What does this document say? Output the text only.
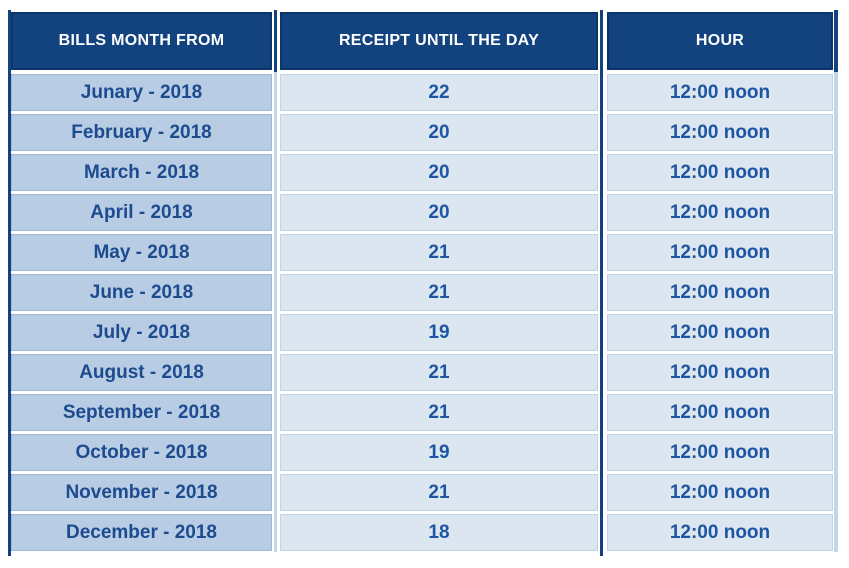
BILLS MONTH FROM
Junary - 2018
February - 2018
March - 2018
April - 2018
May - 2018
June - 2018
July - 2018
August - 2018
September - 2018
October - 2018
November - 2018
December - 2018
RECEIPT UNTIL THE DAY
22
20
20
20
21
21
19
21
21
19
21
18
HOUR
12:00 noon
12:00 noon
12:00 noon
12:00 noon
12:00 noon
12:00 noon
12:00 noon
12:00 noon
12:00 noon
12:00 noon
12:00 noon
12:00 noon
